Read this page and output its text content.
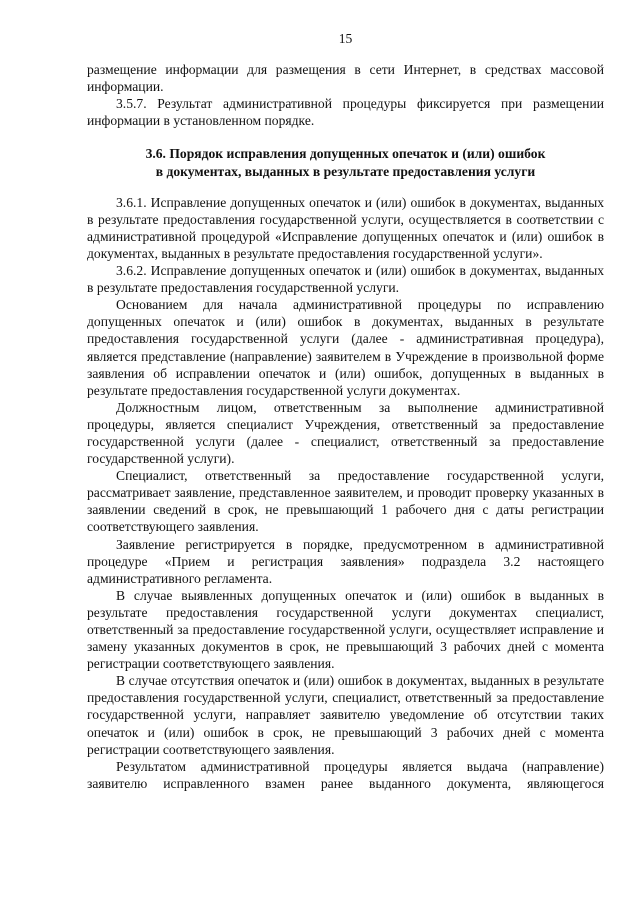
15

размещение информации для размещения в сети Интернет, в средствах массовой информации.

3.5.7. Результат административной процедуры фиксируется при размещении информации в установленном порядке.

3.6. Порядок исправления допущенных опечаток и (или) ошибок
в документах, выданных в результате предоставления услуги

3.6.1. Исправление допущенных опечаток и (или) ошибок в документах, выданных в результате предоставления государственной услуги, осуществляется в соответствии с административной процедурой «Исправление допущенных опечаток и (или) ошибок в документах, выданных в результате предоставления государственной услуги».

3.6.2. Исправление допущенных опечаток и (или) ошибок в документах, выданных в результате предоставления государственной услуги.

Основанием для начала административной процедуры по исправлению допущенных опечаток и (или) ошибок в документах, выданных в результате предоставления государственной услуги (далее - административная процедура), является представление (направление) заявителем в Учреждение в произвольной форме заявления об исправлении опечаток и (или) ошибок, допущенных в выданных в результате предоставления государственной услуги документах.

Должностным лицом, ответственным за выполнение административной процедуры, является специалист Учреждения, ответственный за предоставление государственной услуги (далее - специалист, ответственный за предоставление государственной услуги).

Специалист, ответственный за предоставление государственной услуги, рассматривает заявление, представленное заявителем, и проводит проверку указанных в заявлении сведений в срок, не превышающий 1 рабочего дня с даты регистрации соответствующего заявления.

Заявление регистрируется в порядке, предусмотренном в административной процедуре «Прием и регистрация заявления» подраздела 3.2 настоящего административного регламента.

В случае выявленных допущенных опечаток и (или) ошибок в выданных в результате предоставления государственной услуги документах специалист, ответственный за предоставление государственной услуги, осуществляет исправление и замену указанных документов в срок, не превышающий 3 рабочих дней с момента регистрации соответствующего заявления.

В случае отсутствия опечаток и (или) ошибок в документах, выданных в результате предоставления государственной услуги, специалист, ответственный за предоставление государственной услуги, направляет заявителю уведомление об отсутствии таких опечаток и (или) ошибок в срок, не превышающий 3 рабочих дней с момента регистрации соответствующего заявления.

Результатом административной процедуры является выдача (направление) заявителю исправленного взамен ранее выданного документа, являющегося
